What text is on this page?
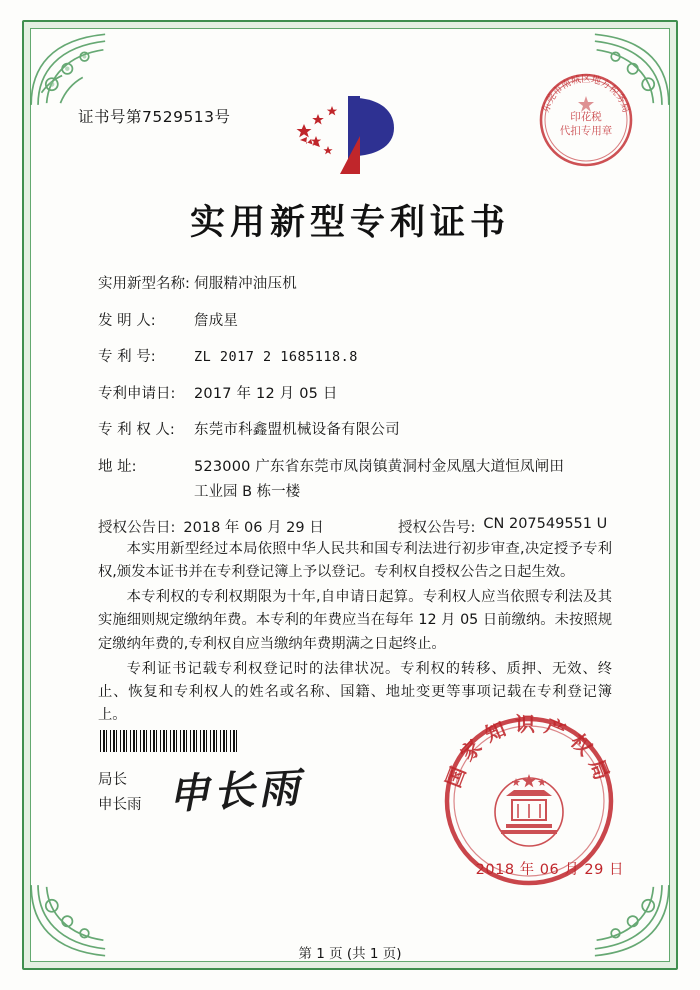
证书号第7529513号
东莞市南城区地方税务局
印花税
代扣专用章
实用新型专利证书
实用新型名称: 伺服精冲油压机
发 明 人:	詹成星
专 利 号:	ZL 2017 2 1685118.8
专利申请日:	2017 年 12 月 05 日
专 利 权 人:	东莞市科鑫盟机械设备有限公司
地 址:	523000 广东省东莞市凤岗镇黄洞村金凤凰大道恒凤闸田
工业园 B 栋一楼
授权公告日: 2018 年 06 月 29 日	授权公告号: CN 207549551 U

本实用新型经过本局依照中华人民共和国专利法进行初步审查,决定授予专利权,颁发本证书并在专利登记簿上予以登记。专利权自授权公告之日起生效。

本专利权的专利权期限为十年,自申请日起算。专利权人应当依照专利法及其实施细则规定缴纳年费。本专利的年费应当在每年 12 月 05 日前缴纳。未按照规定缴纳年费的,专利权自应当缴纳年费期满之日起终止。

专利证书记载专利权登记时的法律状况。专利权的转移、质押、无效、终止、恢复和专利权人的姓名或名称、国籍、地址变更等事项记载在专利登记簿上。

局长
申长雨 申长雨	国家知识产权局
2018 年 06 月 29 日
第 1 页 (共 1 页)
